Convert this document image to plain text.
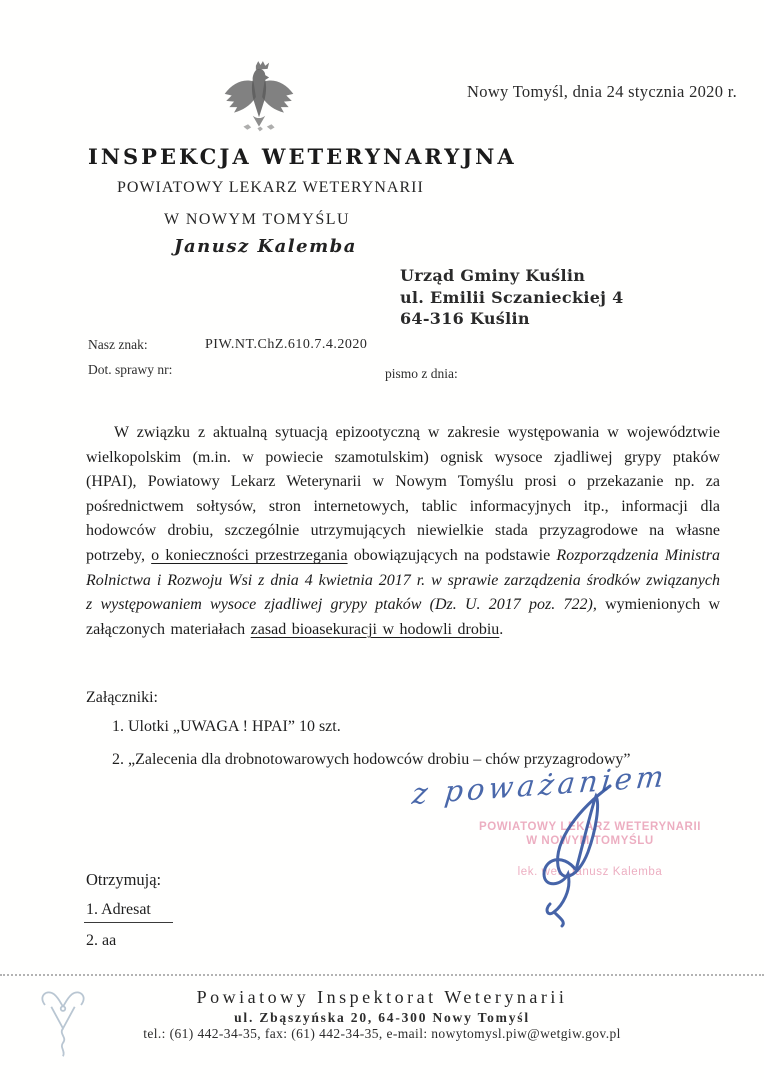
Nowy Tomyśl, dnia 24 stycznia 2020 r.
INSPEKCJA WETERYNARYJNA
POWIATOWY LEKARZ WETERYNARII
W NOWYM TOMYŚLU
Janusz Kalemba
Urząd Gminy Kuślin
ul. Emilii Sczanieckiej 4
64-316 Kuślin
Nasz znak:	PIW.NT.ChZ.610.7.4.2020
Dot. sprawy nr:	pismo z dnia:

W związku z aktualną sytuacją epizootyczną w zakresie występowania w województwie wielkopolskim (m.in. w powiecie szamotulskim) ognisk wysoce zjadliwej grypy ptaków (HPAI), Powiatowy Lekarz Weterynarii w Nowym Tomyślu prosi o przekazanie np. za pośrednictwem sołtysów, stron internetowych, tablic informacyjnych itp., informacji dla hodowców drobiu, szczególnie utrzymujących niewielkie stada przyzagrodowe na własne potrzeby, o konieczności przestrzegania obowiązujących na podstawie Rozporządzenia Ministra Rolnictwa i Rozwoju Wsi z dnia 4 kwietnia 2017 r. w sprawie zarządzenia środków związanych z występowaniem wysoce zjadliwej grypy ptaków (Dz. U. 2017 poz. 722), wymienionych w załączonych materiałach zasad bioasekuracji w hodowli drobiu.

Załączniki:
1. Ulotki „UWAGA ! HPAI” 10 szt.
2. „Zalecenia dla drobnotowarowych hodowców drobiu – chów przyzagrodowy”
z poważaniem
POWIATOWY LEKARZ WETERYNARII
W NOWYM TOMYŚLU
lek. wet. Janusz Kalemba
Otrzymują:
1. Adresat
2. aa
Powiatowy Inspektorat Weterynarii
ul. Zbąszyńska 20, 64-300 Nowy Tomyśl
tel.: (61) 442-34-35, fax: (61) 442-34-35, e-mail: nowytomysl.piw@wetgiw.gov.pl
